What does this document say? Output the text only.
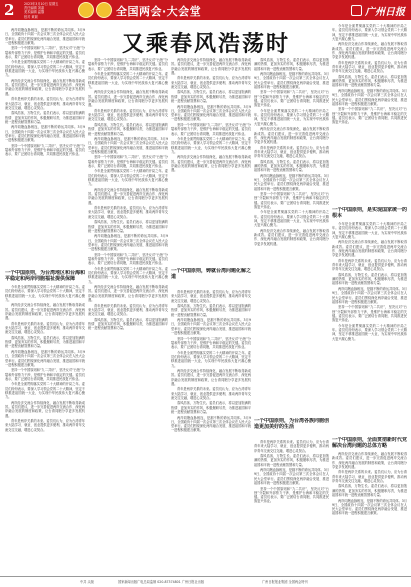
2	2023年3月10日 星期五
责任编辑 刘嘉
美术编辑 温馨
校对 黄颖	全国两会·大会堂	广州日报
又乘春风浩荡时

两岸同胞血脉相连，是割不断的命运共同体。3月9日，全国政协十四届一次会议第三次全体会议在人民大会堂举行。委员们围绕深化两岸融合发展、推进祖国和平统一进程积极建言献策。

坚持一个中国原则和“九二共识”，坚决反对“台独”分裂和外部势力干涉，是维护台海和平稳定的关键。委员们表示，要广泛团结台湾同胞，共同推进民族复兴伟业。

今年是全面贯彻落实党的二十大精神的开局之年。委员们纷纷表示，要深入学习领会党的二十大精神，坚定不移推进祖国统一大业，为实现中华民族伟大复兴凝心聚力。

两岸经济交流合作持续深化，融合发展不断取得新成效。委员们建议，进一步完善促进两岸交流合作、深化两岸融合发展的制度和政策，让台湾同胞分享更多发展机遇。

青年是两岸关系的未来。委员们认为，应为台湾青年来大陆学习、就业、创业提供更多便利，推动两岸青年交流交往交融，增进心灵契合。

春风浩荡，万物生长。委员们表示，将以更加饱满的热情、更加务实的作风，积极履职尽责，为推进祖国和平统一进程贡献智慧和力量。

两岸同胞血脉相连，是割不断的命运共同体。3月9日，全国政协十四届一次会议第三次全体会议在人民大会堂举行。委员们围绕深化两岸融合发展、推进祖国和平统一进程积极建言献策。

坚持一个中国原则和“九二共识”，坚决反对“台独”分裂和外部势力干涉，是维护台海和平稳定的关键。委员们表示，要广泛团结台湾同胞，共同推进民族复兴伟业。

一个中国原则，为台湾地区和台海和平稳定和两岸同胞福祉提供保障

今年是全面贯彻落实党的二十大精神的开局之年。委员们纷纷表示，要深入学习领会党的二十大精神，坚定不移推进祖国统一大业，为实现中华民族伟大复兴凝心聚力。

两岸经济交流合作持续深化，融合发展不断取得新成效。委员们建议，进一步完善促进两岸交流合作、深化两岸融合发展的制度和政策，让台湾同胞分享更多发展机遇。

青年是两岸关系的未来。委员们认为，应为台湾青年来大陆学习、就业、创业提供更多便利，推动两岸青年交流交往交融，增进心灵契合。

春风浩荡，万物生长。委员们表示，将以更加饱满的热情、更加务实的作风，积极履职尽责，为推进祖国和平统一进程贡献智慧和力量。

两岸同胞血脉相连，是割不断的命运共同体。3月9日，全国政协十四届一次会议第三次全体会议在人民大会堂举行。委员们围绕深化两岸融合发展、推进祖国和平统一进程积极建言献策。

坚持一个中国原则和“九二共识”，坚决反对“台独”分裂和外部势力干涉，是维护台海和平稳定的关键。委员们表示，要广泛团结台湾同胞，共同推进民族复兴伟业。

今年是全面贯彻落实党的二十大精神的开局之年。委员们纷纷表示，要深入学习领会党的二十大精神，坚定不移推进祖国统一大业，为实现中华民族伟大复兴凝心聚力。

两岸经济交流合作持续深化，融合发展不断取得新成效。委员们建议，进一步完善促进两岸交流合作、深化两岸融合发展的制度和政策，让台湾同胞分享更多发展机遇。

青年是两岸关系的未来。委员们认为，应为台湾青年来大陆学习、就业、创业提供更多便利，推动两岸青年交流交往交融，增进心灵契合。

坚持一个中国原则和“九二共识”，坚决反对“台独”分裂和外部势力干涉，是维护台海和平稳定的关键。委员们表示，要广泛团结台湾同胞，共同推进民族复兴伟业。

今年是全面贯彻落实党的二十大精神的开局之年。委员们纷纷表示，要深入学习领会党的二十大精神，坚定不移推进祖国统一大业，为实现中华民族伟大复兴凝心聚力。

两岸经济交流合作持续深化，融合发展不断取得新成效。委员们建议，进一步完善促进两岸交流合作、深化两岸融合发展的制度和政策，让台湾同胞分享更多发展机遇。

青年是两岸关系的未来。委员们认为，应为台湾青年来大陆学习、就业、创业提供更多便利，推动两岸青年交流交往交融，增进心灵契合。

春风浩荡，万物生长。委员们表示，将以更加饱满的热情、更加务实的作风，积极履职尽责，为推进祖国和平统一进程贡献智慧和力量。

两岸同胞血脉相连，是割不断的命运共同体。3月9日，全国政协十四届一次会议第三次全体会议在人民大会堂举行。委员们围绕深化两岸融合发展、推进祖国和平统一进程积极建言献策。

坚持一个中国原则和“九二共识”，坚决反对“台独”分裂和外部势力干涉，是维护台海和平稳定的关键。委员们表示，要广泛团结台湾同胞，共同推进民族复兴伟业。

今年是全面贯彻落实党的二十大精神的开局之年。委员们纷纷表示，要深入学习领会党的二十大精神，坚定不移推进祖国统一大业，为实现中华民族伟大复兴凝心聚力。

两岸经济交流合作持续深化，融合发展不断取得新成效。委员们建议，进一步完善促进两岸交流合作、深化两岸融合发展的制度和政策，让台湾同胞分享更多发展机遇。

青年是两岸关系的未来。委员们认为，应为台湾青年来大陆学习、就业、创业提供更多便利，推动两岸青年交流交往交融，增进心灵契合。

春风浩荡，万物生长。委员们表示，将以更加饱满的热情、更加务实的作风，积极履职尽责，为推进祖国和平统一进程贡献智慧和力量。

两岸同胞血脉相连，是割不断的命运共同体。3月9日，全国政协十四届一次会议第三次全体会议在人民大会堂举行。委员们围绕深化两岸融合发展、推进祖国和平统一进程积极建言献策。

坚持一个中国原则和“九二共识”，坚决反对“台独”分裂和外部势力干涉，是维护台海和平稳定的关键。委员们表示，要广泛团结台湾同胞，共同推进民族复兴伟业。

今年是全面贯彻落实党的二十大精神的开局之年。委员们纷纷表示，要深入学习领会党的二十大精神，坚定不移推进祖国统一大业，为实现中华民族伟大复兴凝心聚力。

两岸经济交流合作持续深化，融合发展不断取得新成效。委员们建议，进一步完善促进两岸交流合作、深化两岸融合发展的制度和政策，让台湾同胞分享更多发展机遇。

青年是两岸关系的未来。委员们认为，应为台湾青年来大陆学习、就业、创业提供更多便利，推动两岸青年交流交往交融，增进心灵契合。

春风浩荡，万物生长。委员们表示，将以更加饱满的热情、更加务实的作风，积极履职尽责，为推进祖国和平统一进程贡献智慧和力量。

两岸经济交流合作持续深化，融合发展不断取得新成效。委员们建议，进一步完善促进两岸交流合作、深化两岸融合发展的制度和政策，让台湾同胞分享更多发展机遇。

青年是两岸关系的未来。委员们认为，应为台湾青年来大陆学习、就业、创业提供更多便利，推动两岸青年交流交往交融，增进心灵契合。

春风浩荡，万物生长。委员们表示，将以更加饱满的热情、更加务实的作风，积极履职尽责，为推进祖国和平统一进程贡献智慧和力量。

两岸同胞血脉相连，是割不断的命运共同体。3月9日，全国政协十四届一次会议第三次全体会议在人民大会堂举行。委员们围绕深化两岸融合发展、推进祖国和平统一进程积极建言献策。

坚持一个中国原则和“九二共识”，坚决反对“台独”分裂和外部势力干涉，是维护台海和平稳定的关键。委员们表示，要广泛团结台湾同胞，共同推进民族复兴伟业。

今年是全面贯彻落实党的二十大精神的开局之年。委员们纷纷表示，要深入学习领会党的二十大精神，坚定不移推进祖国统一大业，为实现中华民族伟大复兴凝心聚力。

两岸经济交流合作持续深化，融合发展不断取得新成效。委员们建议，进一步完善促进两岸交流合作、深化两岸融合发展的制度和政策，让台湾同胞分享更多发展机遇。

一个中国原则，铸就台湾问题化解之道

青年是两岸关系的未来。委员们认为，应为台湾青年来大陆学习、就业、创业提供更多便利，推动两岸青年交流交往交融，增进心灵契合。

春风浩荡，万物生长。委员们表示，将以更加饱满的热情、更加务实的作风，积极履职尽责，为推进祖国和平统一进程贡献智慧和力量。

两岸同胞血脉相连，是割不断的命运共同体。3月9日，全国政协十四届一次会议第三次全体会议在人民大会堂举行。委员们围绕深化两岸融合发展、推进祖国和平统一进程积极建言献策。

坚持一个中国原则和“九二共识”，坚决反对“台独”分裂和外部势力干涉，是维护台海和平稳定的关键。委员们表示，要广泛团结台湾同胞，共同推进民族复兴伟业。

今年是全面贯彻落实党的二十大精神的开局之年。委员们纷纷表示，要深入学习领会党的二十大精神，坚定不移推进祖国统一大业，为实现中华民族伟大复兴凝心聚力。

两岸经济交流合作持续深化，融合发展不断取得新成效。委员们建议，进一步完善促进两岸交流合作、深化两岸融合发展的制度和政策，让台湾同胞分享更多发展机遇。

青年是两岸关系的未来。委员们认为，应为台湾青年来大陆学习、就业、创业提供更多便利，推动两岸青年交流交往交融，增进心灵契合。

春风浩荡，万物生长。委员们表示，将以更加饱满的热情、更加务实的作风，积极履职尽责，为推进祖国和平统一进程贡献智慧和力量。

两岸同胞血脉相连，是割不断的命运共同体。3月9日，全国政协十四届一次会议第三次全体会议在人民大会堂举行。委员们围绕深化两岸融合发展、推进祖国和平统一进程积极建言献策。

春风浩荡，万物生长。委员们表示，将以更加饱满的热情、更加务实的作风，积极履职尽责，为推进祖国和平统一进程贡献智慧和力量。

两岸同胞血脉相连，是割不断的命运共同体。3月9日，全国政协十四届一次会议第三次全体会议在人民大会堂举行。委员们围绕深化两岸融合发展、推进祖国和平统一进程积极建言献策。

坚持一个中国原则和“九二共识”，坚决反对“台独”分裂和外部势力干涉，是维护台海和平稳定的关键。委员们表示，要广泛团结台湾同胞，共同推进民族复兴伟业。

今年是全面贯彻落实党的二十大精神的开局之年。委员们纷纷表示，要深入学习领会党的二十大精神，坚定不移推进祖国统一大业，为实现中华民族伟大复兴凝心聚力。

两岸经济交流合作持续深化，融合发展不断取得新成效。委员们建议，进一步完善促进两岸交流合作、深化两岸融合发展的制度和政策，让台湾同胞分享更多发展机遇。

青年是两岸关系的未来。委员们认为，应为台湾青年来大陆学习、就业、创业提供更多便利，推动两岸青年交流交往交融，增进心灵契合。

春风浩荡，万物生长。委员们表示，将以更加饱满的热情、更加务实的作风，积极履职尽责，为推进祖国和平统一进程贡献智慧和力量。

两岸同胞血脉相连，是割不断的命运共同体。3月9日，全国政协十四届一次会议第三次全体会议在人民大会堂举行。委员们围绕深化两岸融合发展、推进祖国和平统一进程积极建言献策。

坚持一个中国原则和“九二共识”，坚决反对“台独”分裂和外部势力干涉，是维护台海和平稳定的关键。委员们表示，要广泛团结台湾同胞，共同推进民族复兴伟业。

今年是全面贯彻落实党的二十大精神的开局之年。委员们纷纷表示，要深入学习领会党的二十大精神，坚定不移推进祖国统一大业，为实现中华民族伟大复兴凝心聚力。

两岸经济交流合作持续深化，融合发展不断取得新成效。委员们建议，进一步完善促进两岸交流合作、深化两岸融合发展的制度和政策，让台湾同胞分享更多发展机遇。

一个中国原则，为台湾各族同胞创造更加美好的生活

青年是两岸关系的未来。委员们认为，应为台湾青年来大陆学习、就业、创业提供更多便利，推动两岸青年交流交往交融，增进心灵契合。

春风浩荡，万物生长。委员们表示，将以更加饱满的热情、更加务实的作风，积极履职尽责，为推进祖国和平统一进程贡献智慧和力量。

两岸同胞血脉相连，是割不断的命运共同体。3月9日，全国政协十四届一次会议第三次全体会议在人民大会堂举行。委员们围绕深化两岸融合发展、推进祖国和平统一进程积极建言献策。

坚持一个中国原则和“九二共识”，坚决反对“台独”分裂和外部势力干涉，是维护台海和平稳定的关键。委员们表示，要广泛团结台湾同胞，共同推进民族复兴伟业。

今年是全面贯彻落实党的二十大精神的开局之年。委员们纷纷表示，要深入学习领会党的二十大精神，坚定不移推进祖国统一大业，为实现中华民族伟大复兴凝心聚力。

两岸经济交流合作持续深化，融合发展不断取得新成效。委员们建议，进一步完善促进两岸交流合作、深化两岸融合发展的制度和政策，让台湾同胞分享更多发展机遇。

青年是两岸关系的未来。委员们认为，应为台湾青年来大陆学习、就业、创业提供更多便利，推动两岸青年交流交往交融，增进心灵契合。

春风浩荡，万物生长。委员们表示，将以更加饱满的热情、更加务实的作风，积极履职尽责，为推进祖国和平统一进程贡献智慧和力量。

两岸同胞血脉相连，是割不断的命运共同体。3月9日，全国政协十四届一次会议第三次全体会议在人民大会堂举行。委员们围绕深化两岸融合发展、推进祖国和平统一进程积极建言献策。

坚持一个中国原则和“九二共识”，坚决反对“台独”分裂和外部势力干涉，是维护台海和平稳定的关键。委员们表示，要广泛团结台湾同胞，共同推进民族复兴伟业。

一个中国原则，是实现国家统一的根本

今年是全面贯彻落实党的二十大精神的开局之年。委员们纷纷表示，要深入学习领会党的二十大精神，坚定不移推进祖国统一大业，为实现中华民族伟大复兴凝心聚力。

两岸经济交流合作持续深化，融合发展不断取得新成效。委员们建议，进一步完善促进两岸交流合作、深化两岸融合发展的制度和政策，让台湾同胞分享更多发展机遇。

青年是两岸关系的未来。委员们认为，应为台湾青年来大陆学习、就业、创业提供更多便利，推动两岸青年交流交往交融，增进心灵契合。

春风浩荡，万物生长。委员们表示，将以更加饱满的热情、更加务实的作风，积极履职尽责，为推进祖国和平统一进程贡献智慧和力量。

两岸同胞血脉相连，是割不断的命运共同体。3月9日，全国政协十四届一次会议第三次全体会议在人民大会堂举行。委员们围绕深化两岸融合发展、推进祖国和平统一进程积极建言献策。

坚持一个中国原则和“九二共识”，坚决反对“台独”分裂和外部势力干涉，是维护台海和平稳定的关键。委员们表示，要广泛团结台湾同胞，共同推进民族复兴伟业。

今年是全面贯彻落实党的二十大精神的开局之年。委员们纷纷表示，要深入学习领会党的二十大精神，坚定不移推进祖国统一大业，为实现中华民族伟大复兴凝心聚力。

一个中国原则，全面贯彻新时代党解决台湾问题的总体方略

两岸经济交流合作持续深化，融合发展不断取得新成效。委员们建议，进一步完善促进两岸交流合作、深化两岸融合发展的制度和政策，让台湾同胞分享更多发展机遇。

青年是两岸关系的未来。委员们认为，应为台湾青年来大陆学习、就业、创业提供更多便利，推动两岸青年交流交往交融，增进心灵契合。

春风浩荡，万物生长。委员们表示，将以更加饱满的热情、更加务实的作风，积极履职尽责，为推进祖国和平统一进程贡献智慧和力量。

两岸同胞血脉相连，是割不断的命运共同体。3月9日，全国政协十四届一次会议第三次全体会议在人民大会堂举行。委员们围绕深化两岸融合发展、推进祖国和平统一进程积极建言献策。

中共 头版	国家新闻出版广电总局监制 020-87374801 广州日报社出版	广州日报报业集团 全国两会特刊
